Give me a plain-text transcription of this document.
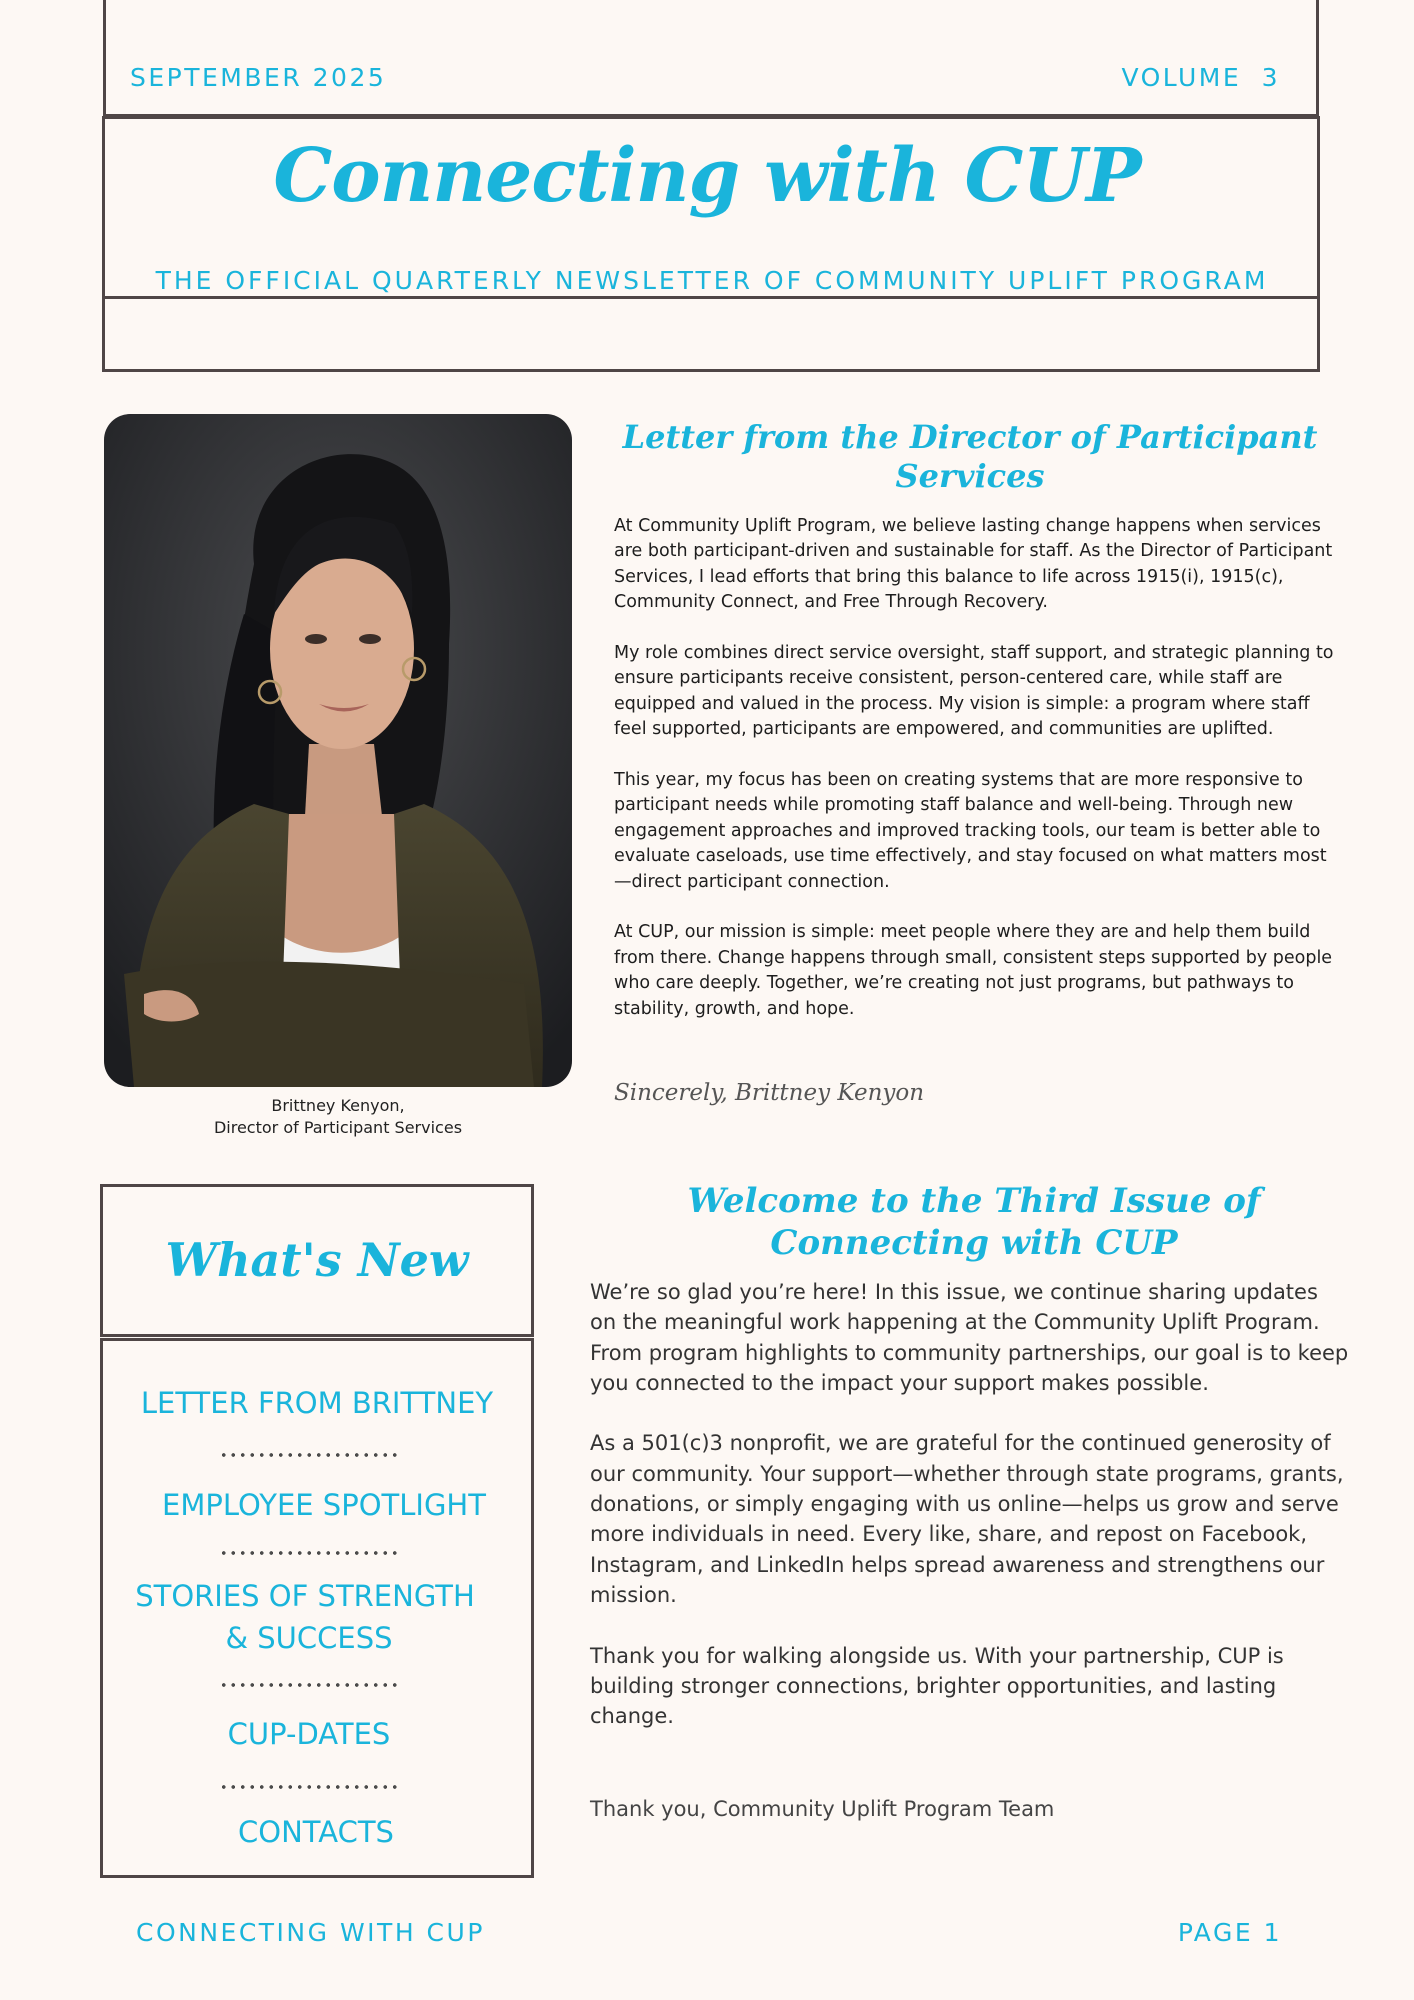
SEPTEMBER 2025	VOLUME 3
Connecting with CUP
THE OFFICIAL QUARTERLY NEWSLETTER OF COMMUNITY UPLIFT PROGRAM
Brittney Kenyon,
Director of Participant Services
Letter from the Director of Participant Services

At Community Uplift Program, we believe lasting change happens when services are both participant-driven and sustainable for staff. As the Director of Participant Services, I lead efforts that bring this balance to life across 1915(i), 1915(c), Community Connect, and Free Through Recovery.

My role combines direct service oversight, staff support, and strategic planning to ensure participants receive consistent, person-centered care, while staff are equipped and valued in the process. My vision is simple: a program where staff feel supported, participants are empowered, and communities are uplifted.

This year, my focus has been on creating systems that are more responsive to participant needs while promoting staff balance and well-being. Through new engagement approaches and improved tracking tools, our team is better able to evaluate caseloads, use time effectively, and stay focused on what matters most—direct participant connection.

At CUP, our mission is simple: meet people where they are and help them build from there. Change happens through small, consistent steps supported by people who care deeply. Together, we’re creating not just programs, but pathways to stability, growth, and hope.

Sincerely, Brittney Kenyon
What's New
LETTER FROM BRITTNEY
EMPLOYEE SPOTLIGHT
STORIES OF STRENGTH
& SUCCESS
CUP-DATES
CONTACTS
Welcome to the Third Issue of Connecting with CUP

We’re so glad you’re here! In this issue, we continue sharing updates on the meaningful work happening at the Community Uplift Program. From program highlights to community partnerships, our goal is to keep you connected to the impact your support makes possible.

As a 501(c)3 nonprofit, we are grateful for the continued generosity of our community. Your support—whether through state programs, grants, donations, or simply engaging with us online—helps us grow and serve more individuals in need. Every like, share, and repost on Facebook, Instagram, and LinkedIn helps spread awareness and strengthens our mission.

Thank you for walking alongside us. With your partnership, CUP is building stronger connections, brighter opportunities, and lasting change.

Thank you, Community Uplift Program Team
CONNECTING WITH CUP	PAGE 1
